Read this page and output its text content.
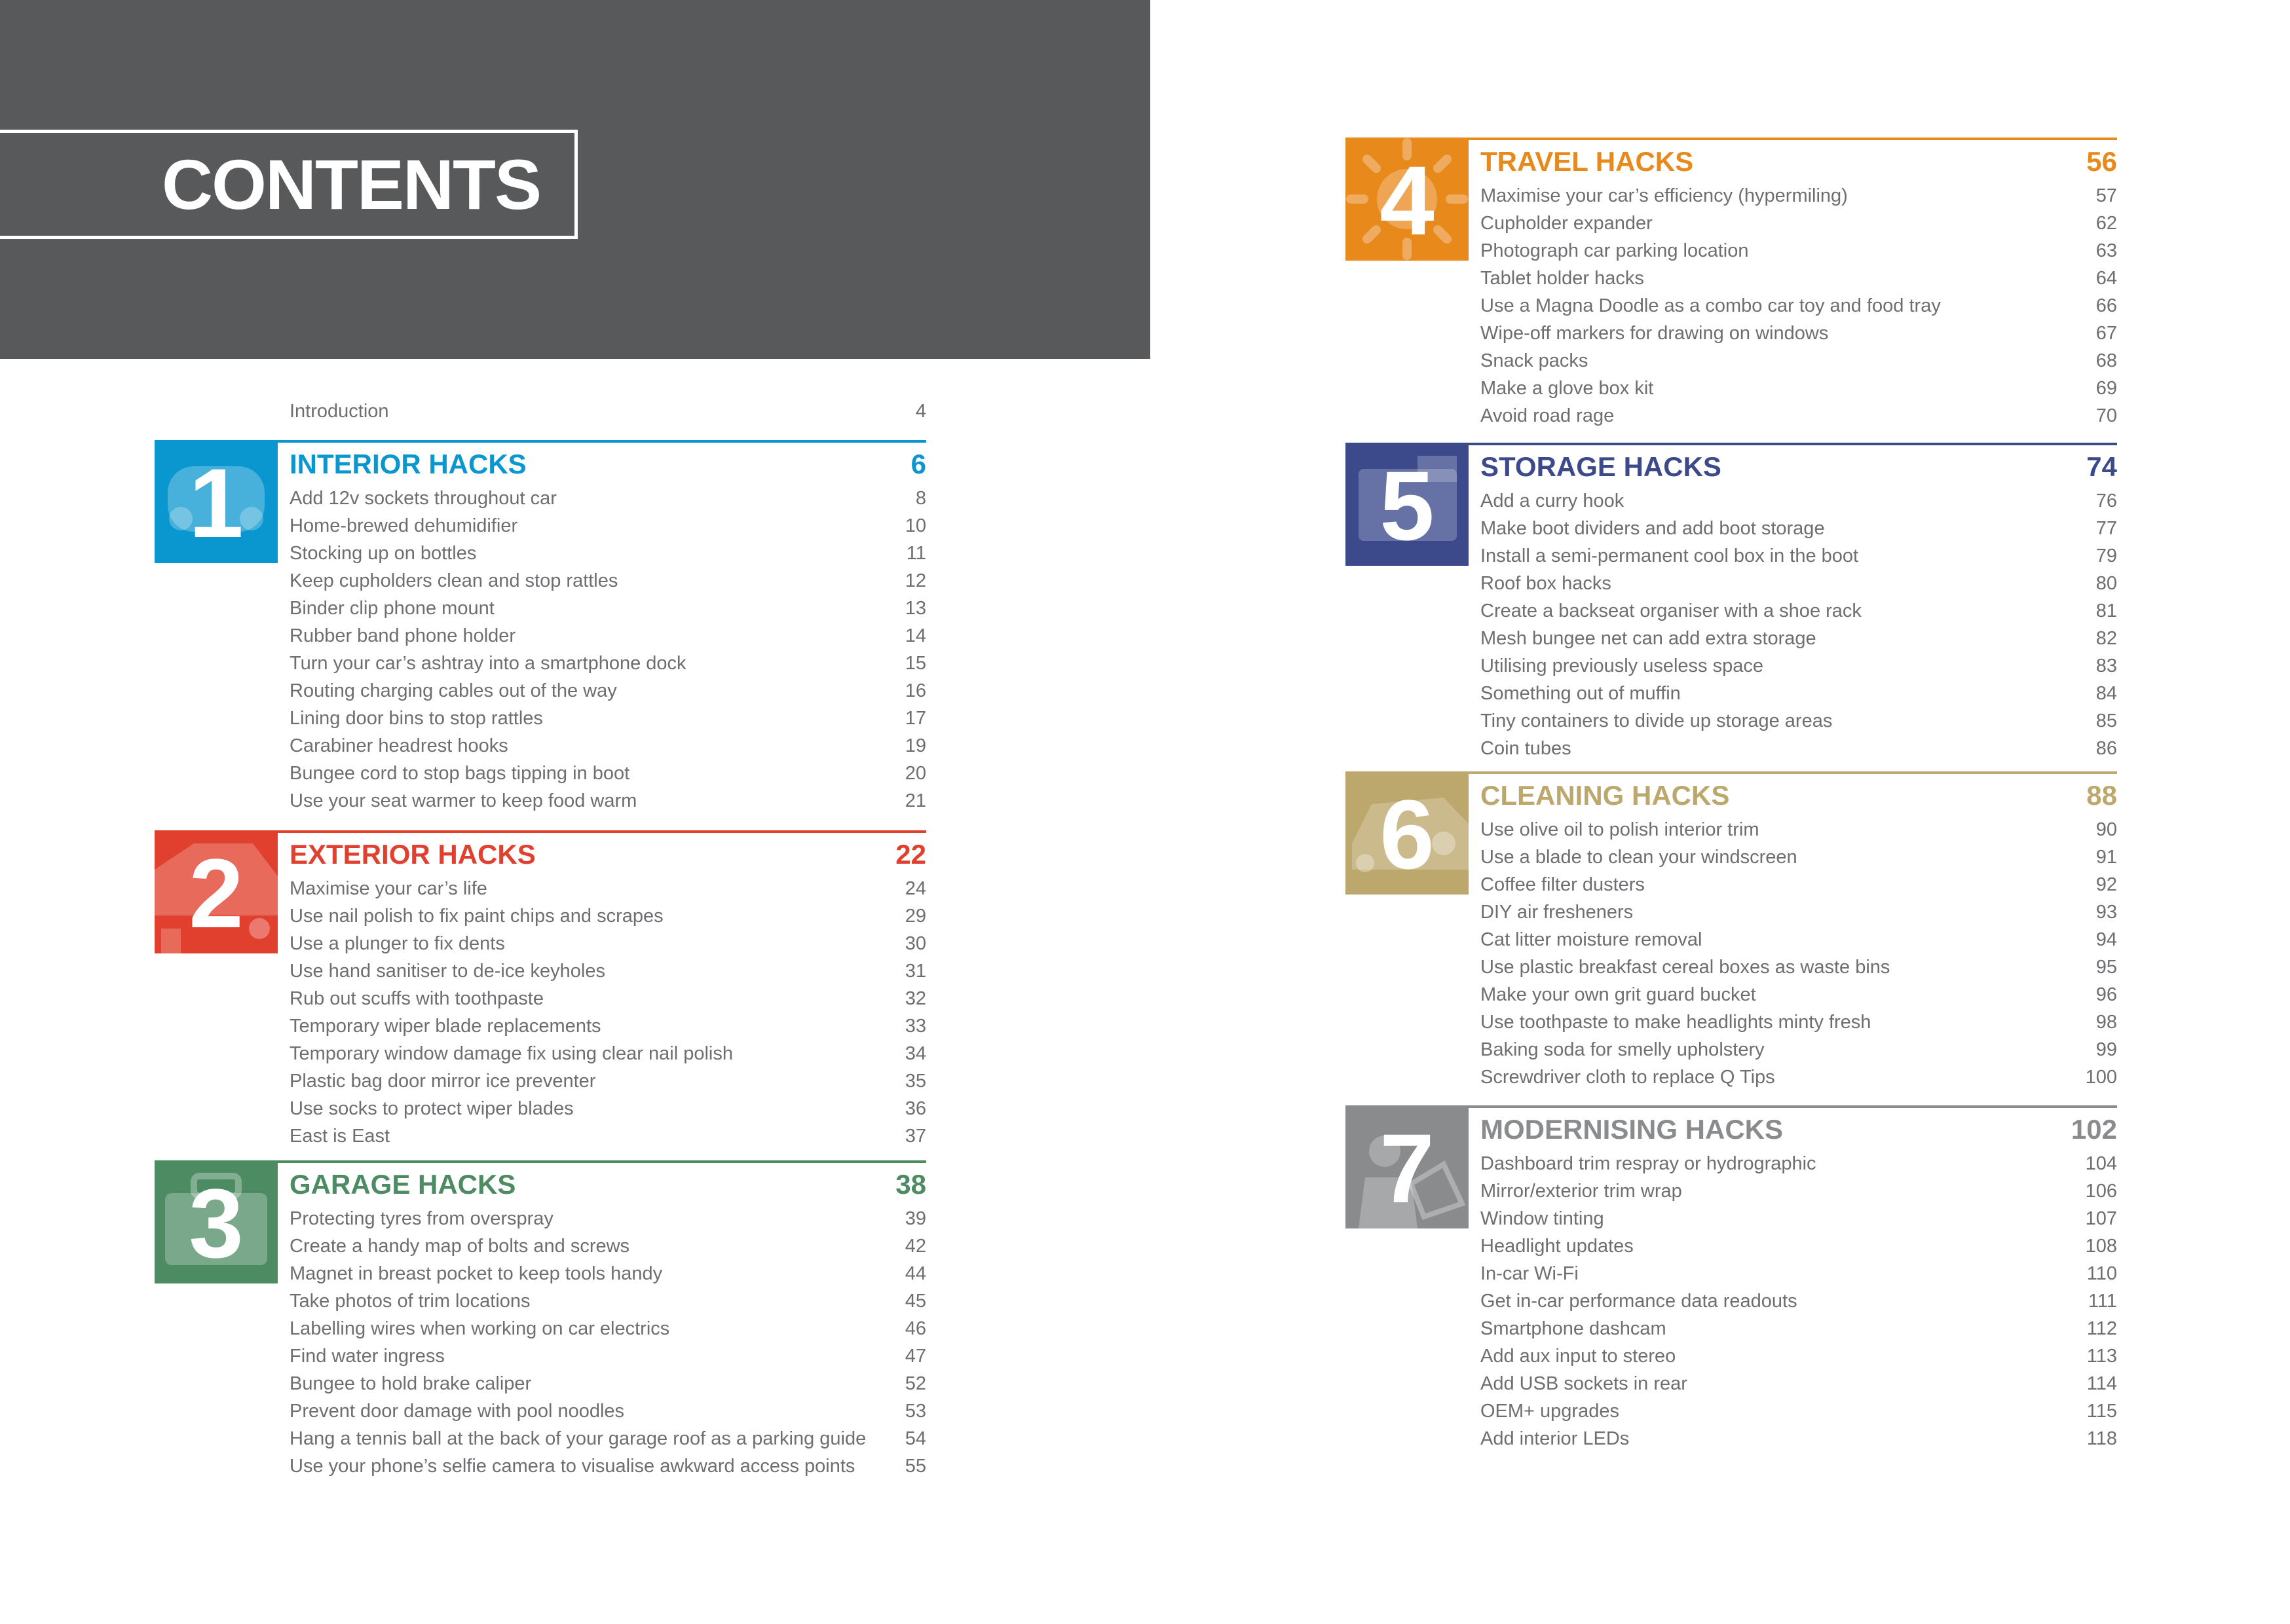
CONTENTS
Introduction	4
1	INTERIOR HACKS	6
Add 12v sockets throughout car	8
Home-brewed dehumidifier	10
Stocking up on bottles	11
Keep cupholders clean and stop rattles	12
Binder clip phone mount	13
Rubber band phone holder	14
Turn your car’s ashtray into a smartphone dock	15
Routing charging cables out of the way	16
Lining door bins to stop rattles	17
Carabiner headrest hooks	19
Bungee cord to stop bags tipping in boot	20
Use your seat warmer to keep food warm	21
2	EXTERIOR HACKS	22
Maximise your car’s life	24
Use nail polish to fix paint chips and scrapes	29
Use a plunger to fix dents	30
Use hand sanitiser to de-ice keyholes	31
Rub out scuffs with toothpaste	32
Temporary wiper blade replacements	33
Temporary window damage fix using clear nail polish	34
Plastic bag door mirror ice preventer	35
Use socks to protect wiper blades	36
East is East	37
3	GARAGE HACKS	38
Protecting tyres from overspray	39
Create a handy map of bolts and screws	42
Magnet in breast pocket to keep tools handy	44
Take photos of trim locations	45
Labelling wires when working on car electrics	46
Find water ingress	47
Bungee to hold brake caliper	52
Prevent door damage with pool noodles	53
Hang a tennis ball at the back of your garage roof as a parking guide 54
Use your phone’s selfie camera to visualise awkward access points	55
4	TRAVEL HACKS	56
Maximise your car’s efficiency (hypermiling)	57
Cupholder expander	62
Photograph car parking location	63
Tablet holder hacks	64
Use a Magna Doodle as a combo car toy and food tray	66
Wipe-off markers for drawing on windows	67
Snack packs	68
Make a glove box kit	69
Avoid road rage	70
5	STORAGE HACKS	74
Add a curry hook	76
Make boot dividers and add boot storage	77
Install a semi-permanent cool box in the boot	79
Roof box hacks	80
Create a backseat organiser with a shoe rack	81
Mesh bungee net can add extra storage	82
Utilising previously useless space	83
Something out of muffin	84
Tiny containers to divide up storage areas	85
Coin tubes	86
6	CLEANING HACKS	88
Use olive oil to polish interior trim	90
Use a blade to clean your windscreen	91
Coffee filter dusters	92
DIY air fresheners	93
Cat litter moisture removal	94
Use plastic breakfast cereal boxes as waste bins	95
Make your own grit guard bucket	96
Use toothpaste to make headlights minty fresh	98
Baking soda for smelly upholstery	99
Screwdriver cloth to replace Q Tips	100
7	MODERNISING HACKS	102
Dashboard trim respray or hydrographic	104
Mirror/exterior trim wrap	106
Window tinting	107
Headlight updates	108
In-car Wi-Fi	110
Get in-car performance data readouts	111
Smartphone dashcam	112
Add aux input to stereo	113
Add USB sockets in rear	114
OEM+ upgrades	115
Add interior LEDs	118
